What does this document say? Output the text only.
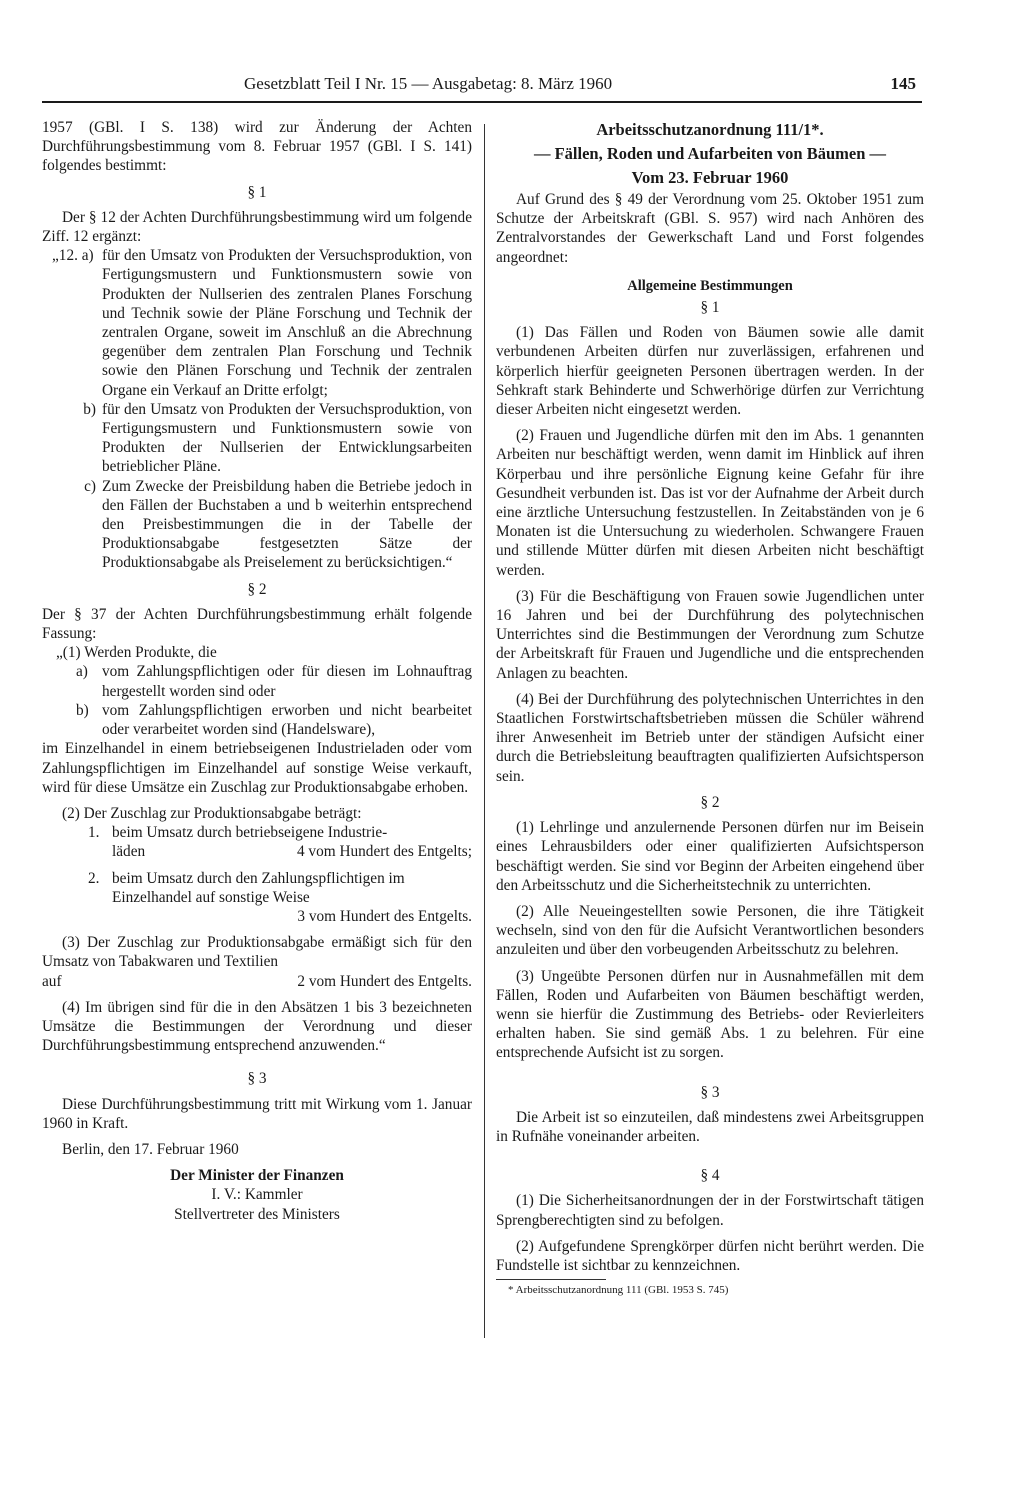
Gesetzblatt Teil I Nr. 15 — Ausgabetag: 8. März 1960	145

1957 (GBl. I S. 138) wird zur Änderung der Achten Durchführungsbestimmung vom 8. Februar 1957 (GBl. I S. 141) folgendes bestimmt:

§ 1

Der § 12 der Achten Durchführungsbestimmung wird um folgende Ziff. 12 ergänzt:

„12. a) für den Umsatz von Produkten der Versuchsproduktion, von Fertigungsmustern und Funktionsmustern sowie von Produkten der Nullserien des zentralen Planes Forschung und Technik sowie der Pläne Forschung und Technik der zentralen Organe, soweit im Anschluß an die Abrechnung gegenüber dem zentralen Plan Forschung und Technik sowie den Plänen Forschung und Technik der zentralen Organe ein Verkauf an Dritte erfolgt;
b) für den Umsatz von Produkten der Versuchsproduktion, von Fertigungsmustern und Funktionsmustern sowie von Produkten der Nullserien der Entwicklungsarbeiten betrieblicher Pläne.
c) Zum Zwecke der Preisbildung haben die Betriebe jedoch in den Fällen der Buchstaben a und b weiterhin entsprechend den Preisbestimmungen die in der Tabelle der Produktionsabgabe festgesetzten Sätze der Produktionsabgabe als Preiselement zu berücksichtigen.“

§ 2

Der § 37 der Achten Durchführungsbestimmung erhält folgende Fassung:

„(1) Werden Produkte, die

a) vom Zahlungspflichtigen oder für diesen im Lohnauftrag hergestellt worden sind oder
b) vom Zahlungspflichtigen erworben und nicht bearbeitet oder verarbeitet worden sind (Handelsware),

im Einzelhandel in einem betriebseigenen Industrieladen oder vom Zahlungspflichtigen im Einzelhandel auf sonstige Weise verkauft, wird für diese Umsätze ein Zuschlag zur Produktionsabgabe erhoben.

(2) Der Zuschlag zur Produktionsabgabe beträgt:

1. beim Umsatz durch betriebseigene Industrie-
läden	4 vom Hundert des Entgelts;
2. beim Umsatz durch den Zahlungspflichtigen im Einzelhandel auf sonstige Weise
3 vom Hundert des Entgelts.

(3) Der Zuschlag zur Produktionsabgabe ermäßigt sich für den Umsatz von Tabakwaren und Textilien

auf	2 vom Hundert des Entgelts.

(4) Im übrigen sind für die in den Absätzen 1 bis 3 bezeichneten Umsätze die Bestimmungen der Verordnung und dieser Durchführungsbestimmung entsprechend anzuwenden.“

§ 3

Diese Durchführungsbestimmung tritt mit Wirkung vom 1. Januar 1960 in Kraft.

Berlin, den 17. Februar 1960

Der Minister der Finanzen

I. V.: Kammler

Stellvertreter des Ministers

Arbeitsschutzanordnung 111/1*.

— Fällen, Roden und Aufarbeiten von Bäumen —

Vom 23. Februar 1960

Auf Grund des § 49 der Verordnung vom 25. Oktober 1951 zum Schutze der Arbeitskraft (GBl. S. 957) wird nach Anhören des Zentralvorstandes der Gewerkschaft Land und Forst folgendes angeordnet:

Allgemeine Bestimmungen

§ 1

(1) Das Fällen und Roden von Bäumen sowie alle damit verbundenen Arbeiten dürfen nur zuverlässigen, erfahrenen und körperlich hierfür geeigneten Personen übertragen werden. In der Sehkraft stark Behinderte und Schwerhörige dürfen zur Verrichtung dieser Arbeiten nicht eingesetzt werden.

(2) Frauen und Jugendliche dürfen mit den im Abs. 1 genannten Arbeiten nur beschäftigt werden, wenn damit im Hinblick auf ihren Körperbau und ihre persönliche Eignung keine Gefahr für ihre Gesundheit verbunden ist. Das ist vor der Aufnahme der Arbeit durch eine ärztliche Untersuchung festzustellen. In Zeitabständen von je 6 Monaten ist die Untersuchung zu wiederholen. Schwangere Frauen und stillende Mütter dürfen mit diesen Arbeiten nicht beschäftigt werden.

(3) Für die Beschäftigung von Frauen sowie Jugendlichen unter 16 Jahren und bei der Durchführung des polytechnischen Unterrichtes sind die Bestimmungen der Verordnung zum Schutze der Arbeitskraft für Frauen und Jugendliche und die entsprechenden Anlagen zu beachten.

(4) Bei der Durchführung des polytechnischen Unterrichtes in den Staatlichen Forstwirtschaftsbetrieben müssen die Schüler während ihrer Anwesenheit im Betrieb unter der ständigen Aufsicht einer durch die Betriebsleitung beauftragten qualifizierten Aufsichtsperson sein.

§ 2

(1) Lehrlinge und anzulernende Personen dürfen nur im Beisein eines Lehrausbilders oder einer qualifizierten Aufsichtsperson beschäftigt werden. Sie sind vor Beginn der Arbeiten eingehend über den Arbeitsschutz und die Sicherheitstechnik zu unterrichten.

(2) Alle Neueingestellten sowie Personen, die ihre Tätigkeit wechseln, sind von den für die Aufsicht Verantwortlichen besonders anzuleiten und über den vorbeugenden Arbeitsschutz zu belehren.

(3) Ungeübte Personen dürfen nur in Ausnahmefällen mit dem Fällen, Roden und Aufarbeiten von Bäumen beschäftigt werden, wenn sie hierfür die Zustimmung des Betriebs- oder Revierleiters erhalten haben. Sie sind gemäß Abs. 1 zu belehren. Für eine entsprechende Aufsicht ist zu sorgen.

§ 3

Die Arbeit ist so einzuteilen, daß mindestens zwei Arbeitsgruppen in Rufnähe voneinander arbeiten.

§ 4

(1) Die Sicherheitsanordnungen der in der Forstwirtschaft tätigen Sprengberechtigten sind zu befolgen.

(2) Aufgefundene Sprengkörper dürfen nicht berührt werden. Die Fundstelle ist sichtbar zu kennzeichnen.

* Arbeitsschutzanordnung 111 (GBl. 1953 S. 745)
